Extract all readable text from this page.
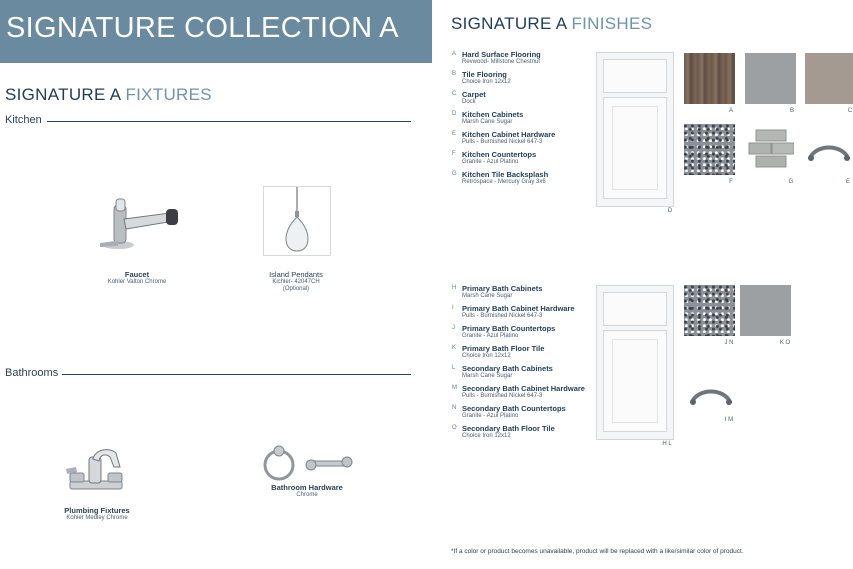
SIGNATURE COLLECTION A
SIGNATURE A FIXTURES
Kitchen
Faucet
Kohler Valton Chrome
Island Pendants
Kichler- 42047CH
(Optional)
Bathrooms
Plumbing Fixtures
Kohler Medley Chrome
Bathroom Hardware
Chrome
SIGNATURE A FINISHES
A Hard Surface Flooring
Revwood- Millstone Chestnut
B Tile Flooring
Choice Iron 12x12
C Carpet
Dock
D Kitchen Cabinets
Marsh Cane Sugar
E Kitchen Cabinet Hardware
Pulls - Burnished Nickel 647-3
F Kitchen Countertops
Granite - Azul Platino
G Kitchen Tile Backsplash
Retrospace - Mercury Gray 3x6
D
A	B	C
F	G	E
H Primary Bath Cabinets
Marsh Cane Sugar
I Primary Bath Cabinet Hardware
Pulls - Burnished Nickel 647-3
J Primary Bath Countertops
Granite - Azul Platino
K Primary Bath Floor Tile
Choice Iron 12x12
L Secondary Bath Cabinets
Marsh Cane Sugar
M Secondary Bath Cabinet Hardware
Pulls - Burnished Nickel 647-3
N Secondary Bath Countertops
Granite - Azul Platino
O Secondary Bath Floor Tile
Choice Iron 12x12
H L
J N	K O
I M
*If a color or product becomes unavailable, product will be replaced with a like/similar color of product.
